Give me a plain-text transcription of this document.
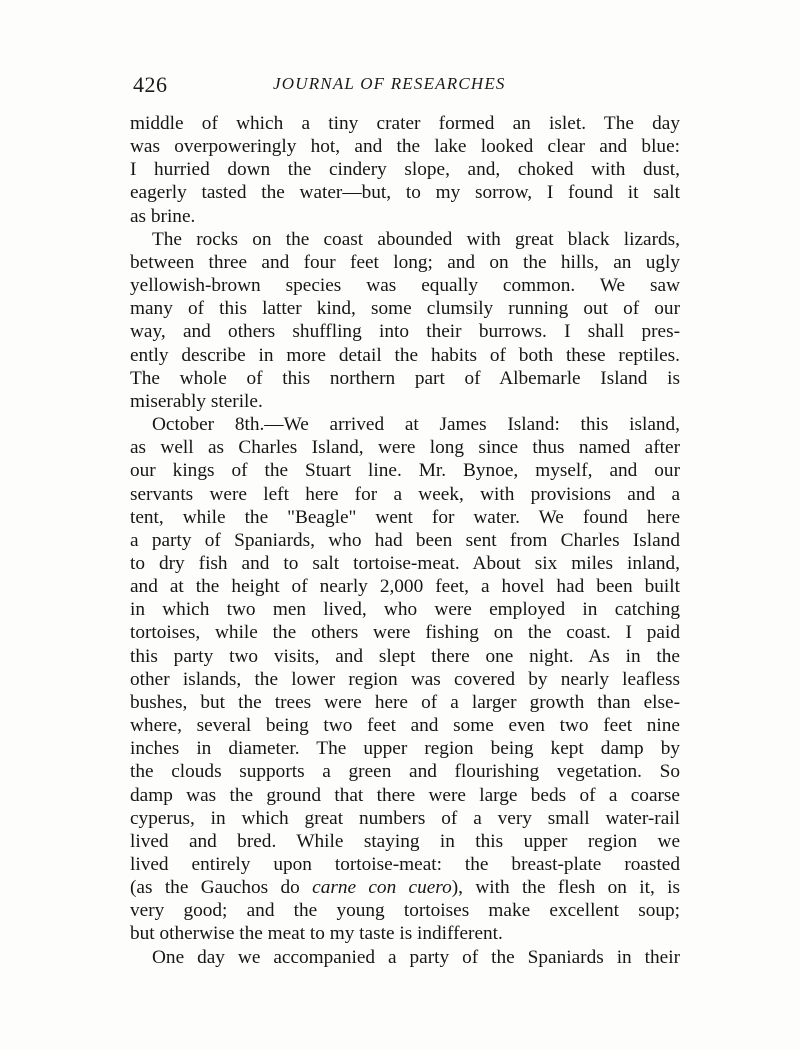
426	JOURNAL OF RESEARCHES
middle of which a tiny crater formed an islet. The day
was overpoweringly hot, and the lake looked clear and blue:
I hurried down the cindery slope, and, choked with dust,
eagerly tasted the water—but, to my sorrow, I found it salt
as brine.
The rocks on the coast abounded with great black lizards,
between three and four feet long; and on the hills, an ugly
yellowish-brown species was equally common. We saw
many of this latter kind, some clumsily running out of our
way, and others shuffling into their burrows. I shall pres-
ently describe in more detail the habits of both these reptiles.
The whole of this northern part of Albemarle Island is
miserably sterile.
October 8th.—We arrived at James Island: this island,
as well as Charles Island, were long since thus named after
our kings of the Stuart line. Mr. Bynoe, myself, and our
servants were left here for a week, with provisions and a
tent, while the "Beagle" went for water. We found here
a party of Spaniards, who had been sent from Charles Island
to dry fish and to salt tortoise-meat. About six miles inland,
and at the height of nearly 2,000 feet, a hovel had been built
in which two men lived, who were employed in catching
tortoises, while the others were fishing on the coast. I paid
this party two visits, and slept there one night. As in the
other islands, the lower region was covered by nearly leafless
bushes, but the trees were here of a larger growth than else-
where, several being two feet and some even two feet nine
inches in diameter. The upper region being kept damp by
the clouds supports a green and flourishing vegetation. So
damp was the ground that there were large beds of a coarse
cyperus, in which great numbers of a very small water-rail
lived and bred. While staying in this upper region we
lived entirely upon tortoise-meat: the breast-plate roasted
(as the Gauchos do carne con cuero), with the flesh on it, is
very good; and the young tortoises make excellent soup;
but otherwise the meat to my taste is indifferent.
One day we accompanied a party of the Spaniards in their
